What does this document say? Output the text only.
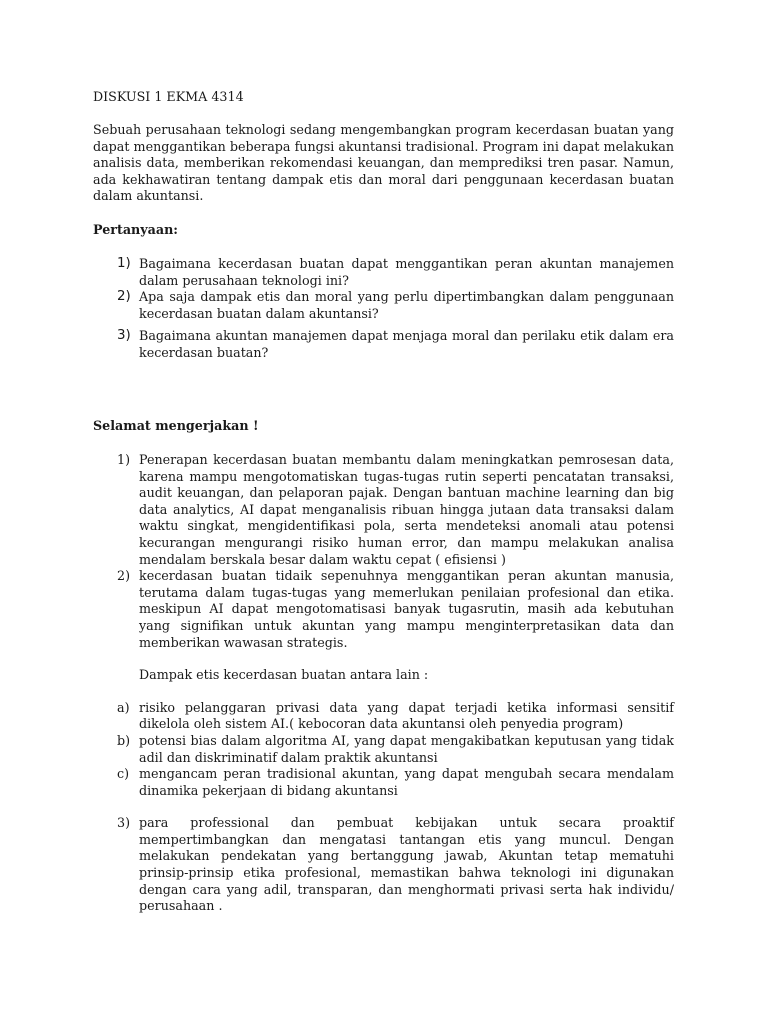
DISKUSI 1 EKMA 4314
Sebuah perusahaan teknologi sedang mengembangkan program kecerdasan buatan yang dapat menggantikan beberapa fungsi akuntansi tradisional. Program ini dapat melakukan analisis data, memberikan rekomendasi keuangan, dan memprediksi tren pasar. Namun, ada kekhawatiran tentang dampak etis dan moral dari penggunaan kecerdasan buatan dalam akuntansi.
Pertanyaan:
1) Bagaimana kecerdasan buatan dapat menggantikan peran akuntan manajemen dalam perusahaan teknologi ini?
2) Apa saja dampak etis dan moral yang perlu dipertimbangkan dalam penggunaan kecerdasan buatan dalam akuntansi?
3) Bagaimana akuntan manajemen dapat menjaga moral dan perilaku etik dalam era kecerdasan buatan?
Selamat mengerjakan !
1) Penerapan kecerdasan buatan membantu dalam meningkatkan pemrosesan data, karena mampu mengotomatiskan tugas-tugas rutin seperti pencatatan transaksi, audit keuangan, dan pelaporan pajak. Dengan bantuan machine learning dan big data analytics, AI dapat menganalisis ribuan hingga jutaan data transaksi dalam waktu singkat, mengidentifikasi pola, serta mendeteksi anomali atau potensi kecurangan mengurangi risiko human error, dan mampu melakukan analisa mendalam berskala besar dalam waktu cepat ( efisiensi )
2) kecerdasan buatan tidaik sepenuhnya menggantikan peran akuntan manusia, terutama dalam tugas-tugas yang memerlukan penilaian profesional dan etika. meskipun AI dapat mengotomatisasi banyak tugasrutin, masih ada kebutuhan yang signifikan untuk akuntan yang mampu menginterpretasikan data dan memberikan wawasan strategis.
Dampak etis kecerdasan buatan antara lain :
a) risiko pelanggaran privasi data yang dapat terjadi ketika informasi sensitif dikelola oleh sistem AI.( kebocoran data akuntansi oleh penyedia program)
b) potensi bias dalam algoritma AI, yang dapat mengakibatkan keputusan yang tidak adil dan diskriminatif dalam praktik akuntansi
c) mengancam peran tradisional akuntan, yang dapat mengubah secara mendalam dinamika pekerjaan di bidang akuntansi
3) para professional dan pembuat kebijakan untuk secara proaktif mempertimbangkan dan mengatasi tantangan etis yang muncul. Dengan melakukan pendekatan yang bertanggung jawab, Akuntan tetap mematuhi prinsip-prinsip etika profesional, memastikan bahwa teknologi ini digunakan dengan cara yang adil, transparan, dan menghormati privasi serta hak individu/ perusahaan .
